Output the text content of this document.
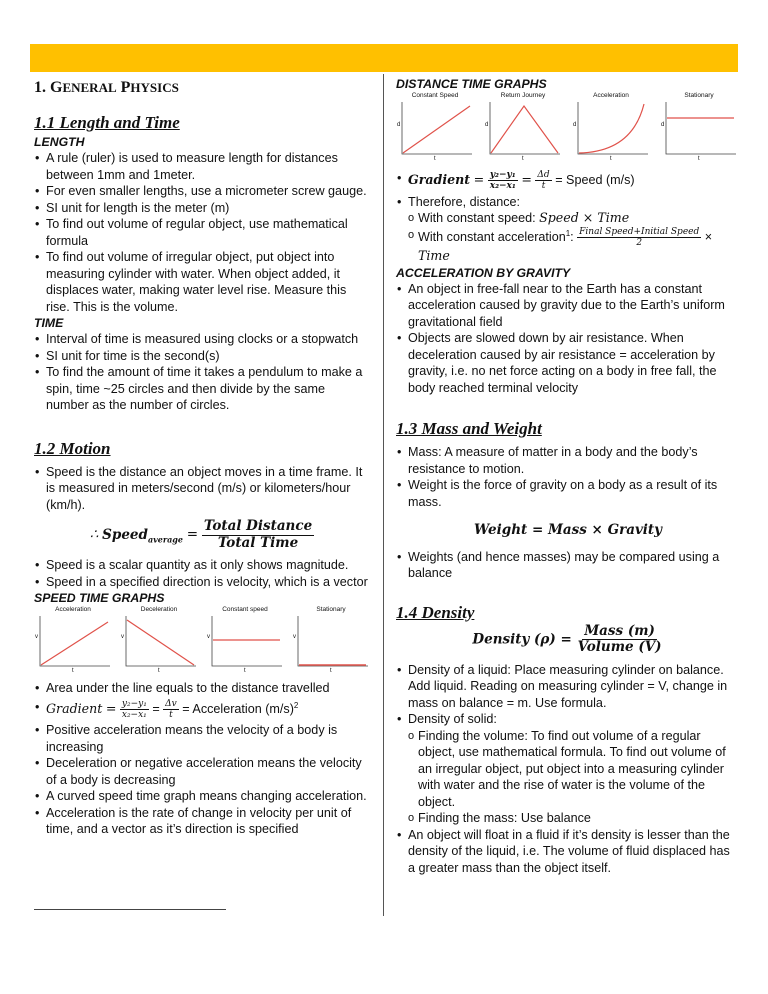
1. GENERAL PHYSICS
1.1 Length and Time
LENGTH
• A rule (ruler) is used to measure length for distances between 1mm and 1meter.
• For even smaller lengths, use a micrometer screw gauge.
• SI unit for length is the meter (m)
• To find out volume of regular object, use mathematical formula
• To find out volume of irregular object, put object into measuring cylinder with water. When object added, it displaces water, making water level rise. Measure this rise. This is the volume.
TIME
• Interval of time is measured using clocks or a stopwatch
• SI unit for time is the second(s)
• To find the amount of time it takes a pendulum to make a spin, time ~25 circles and then divide by the same number as the number of circles.
1.2 Motion
• Speed is the distance an object moves in a time frame. It is measured in meters/second (m/s) or kilometers/hour (km/h).
∴ Speed$_{average}$ = $\frac{\text{Total Distance}}{\text{Total Time}}$
• Speed is a scalar quantity as it only shows magnitude.
• Speed in a specified direction is velocity, which is a vector
SPEED TIME GRAPHS
Acceleration
v
t
Deceleration
v
t
Constant speed
v
t
Stationary
v
t
• Area under the line equals to the distance travelled
• Gradient = $\frac{\text{y₂−y₁}}{\text{x₂−x₁}} = \frac{\Delta v}{t}$ = Acceleration $(m/s)^2$
• Positive acceleration means the velocity of a body is increasing
• Deceleration or negative acceleration means the velocity of a body is decreasing
• A curved speed time graph means changing acceleration.
• Acceleration is the rate of change in velocity per unit of time, and a vector as it’s direction is specified
DISTANCE TIME GRAPHS
Constant Speed
d
t
Return Journey
d
t
Acceleration
d
t
Stationary
d
t
• Gradient = $\frac{\text{y₂−y₁}}{\text{x₂−x₁}} = \frac{\Delta d}{t}$ = Speed (m/s)
• Therefore, distance:
o With constant speed: Speed × Time
o With constant acceleration$^1$: $\frac{\text{Final Speed+Initial Speed}}{2}$ × Time
ACCELERATION BY GRAVITY
• An object in free-fall near to the Earth has a constant acceleration caused by gravity due to the Earth’s uniform gravitational field
• Objects are slowed down by air resistance. When deceleration caused by air resistance = acceleration by gravity, i.e. no net force acting on a body in free fall, the body reached terminal velocity
1.3 Mass and Weight
• Mass: A measure of matter in a body and the body’s resistance to motion.
• Weight is the force of gravity on a body as a result of its mass.
Weight = Mass × Gravity
• Weights (and hence masses) may be compared using a balance
1.4 Density
Density $(\rho) = \frac{\text{Mass (m)}}{\text{Volume (V)}}$
• Density of a liquid: Place measuring cylinder on balance. Add liquid. Reading on measuring cylinder = V, change in mass on balance = m. Use formula.
• Density of solid:
o Finding the volume: To find out volume of a regular object, use mathematical formula. To find out volume of an irregular object, put object into a measuring cylinder with water and the rise of water is the volume of the object.
o Finding the mass: Use balance
• An object will float in a fluid if it’s density is lesser than the density of the liquid, i.e. The volume of fluid displaced has a greater mass than the object itself.
